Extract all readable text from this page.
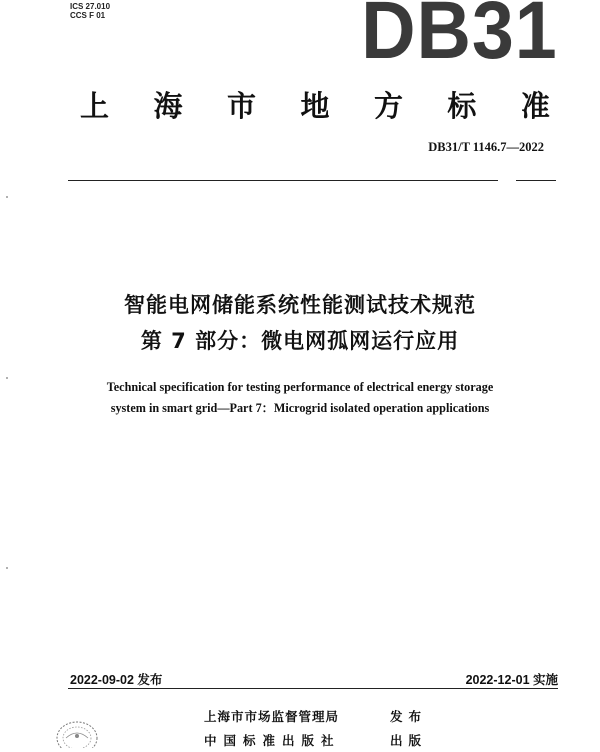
ICS 27.010
CCS F 01	DB31
上 海 市 地 方 标 准
DB31/T 1146.7—2022
智能电网储能系统性能测试技术规范
第 7 部分：微电网孤网运行应用
Technical specification for testing performance of electrical energy storage
system in smart grid—Part 7：Microgrid isolated operation applications
2022-09-02 发布	2022-12-01 实施
上海市市场监督管理局	发布
中国标准出版社	出版
